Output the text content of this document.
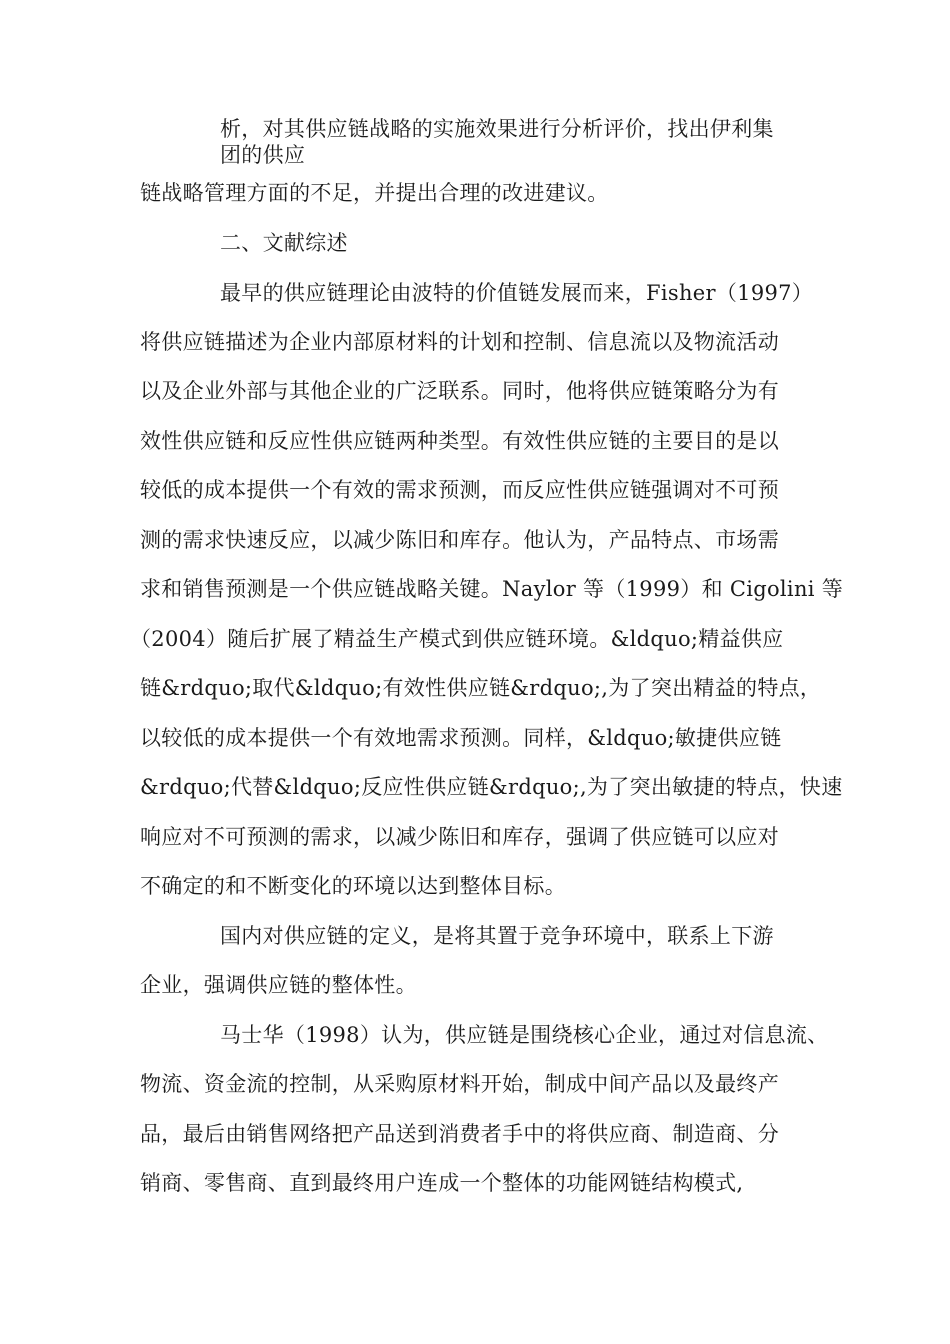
析，对其供应链战略的实施效果进行分析评价，找出伊利集
团的供应
链战略管理方面的不足，并提出合理的改进建议。
二、文献综述
最早的供应链理论由波特的价值链发展而来，Fisher（1997）
将供应链描述为企业内部原材料的计划和控制、信息流以及物流活动
以及企业外部与其他企业的广泛联系。同时，他将供应链策略分为有
效性供应链和反应性供应链两种类型。有效性供应链的主要目的是以
较低的成本提供一个有效的需求预测，而反应性供应链强调对不可预
测的需求快速反应，以减少陈旧和库存。他认为，产品特点、市场需
求和销售预测是一个供应链战略关键。Naylor 等（1999）和 Cigolini 等
（2004）随后扩展了精益生产模式到供应链环境。&ldquo;精益供应
链&rdquo;取代&ldquo;有效性供应链&rdquo;,为了突出精益的特点，
以较低的成本提供一个有效地需求预测。同样，&ldquo;敏捷供应链
&rdquo;代替&ldquo;反应性供应链&rdquo;,为了突出敏捷的特点，快速
响应对不可预测的需求，以减少陈旧和库存，强调了供应链可以应对
不确定的和不断变化的环境以达到整体目标。
国内对供应链的定义，是将其置于竞争环境中，联系上下游
企业，强调供应链的整体性。
马士华（1998）认为，供应链是围绕核心企业，通过对信息流、
物流、资金流的控制，从采购原材料开始，制成中间产品以及最终产
品，最后由销售网络把产品送到消费者手中的将供应商、制造商、分
销商、零售商、直到最终用户连成一个整体的功能网链结构模式,
